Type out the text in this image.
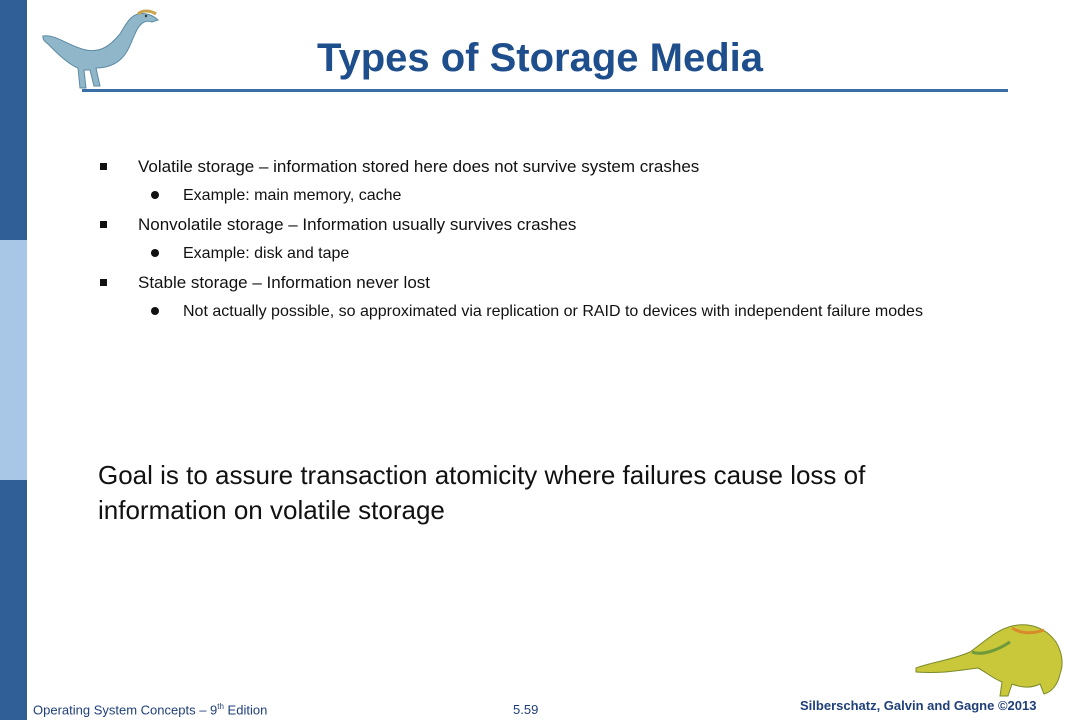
Types of Storage Media
Volatile storage – information stored here does not survive system crashes
Example: main memory, cache
Nonvolatile storage – Information usually survives crashes
Example: disk and tape
Stable storage – Information never lost
Not actually possible, so approximated via replication or RAID to devices with independent failure modes
Goal is to assure transaction atomicity where failures cause loss of information on volatile storage
Operating System Concepts – 9th Edition	5.59	Silberschatz, Galvin and Gagne ©2013
